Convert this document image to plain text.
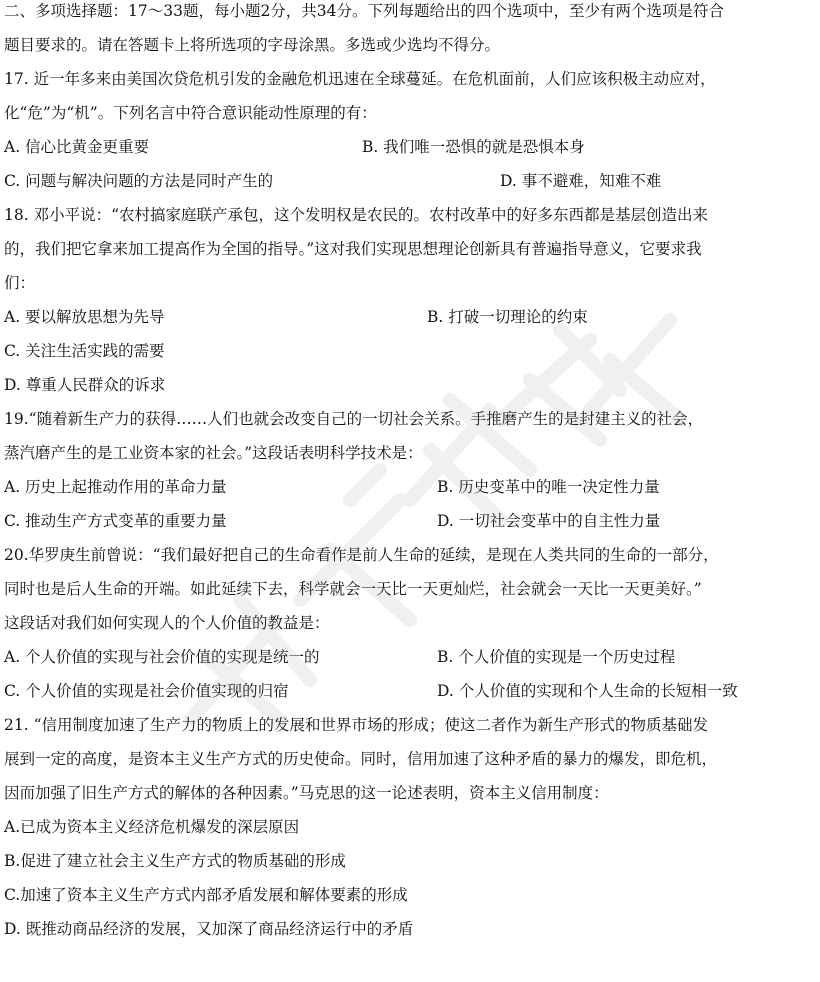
二、多项选择题：17～33题，每小题2分，共34分。下列每题给出的四个选项中，至少有两个选项是符合
题目要求的。请在答题卡上将所选项的字母涂黑。多选或少选均不得分。
17. 近一年多来由美国次贷危机引发的金融危机迅速在全球蔓延。在危机面前，人们应该积极主动应对，
化“危”为“机”。下列名言中符合意识能动性原理的有：
A. 信心比黄金更重要	B. 我们唯一恐惧的就是恐惧本身
C. 问题与解决问题的方法是同时产生的	D. 事不避难，知难不难
18. 邓小平说：“农村搞家庭联产承包，这个发明权是农民的。农村改革中的好多东西都是基层创造出来
的，我们把它拿来加工提高作为全国的指导。”这对我们实现思想理论创新具有普遍指导意义，它要求我
们：
A. 要以解放思想为先导	B. 打破一切理论的约束
C. 关注生活实践的需要
D. 尊重人民群众的诉求
19.“随着新生产力的获得……人们也就会改变自己的一切社会关系。手推磨产生的是封建主义的社会，
蒸汽磨产生的是工业资本家的社会。”这段话表明科学技术是：
A. 历史上起推动作用的革命力量	B. 历史变革中的唯一决定性力量
C. 推动生产方式变革的重要力量	D. 一切社会变革中的自主性力量
20.华罗庚生前曾说：“我们最好把自己的生命看作是前人生命的延续，是现在人类共同的生命的一部分，
同时也是后人生命的开端。如此延续下去，科学就会一天比一天更灿烂，社会就会一天比一天更美好。”
这段话对我们如何实现人的个人价值的教益是：
A. 个人价值的实现与社会价值的实现是统一的	B. 个人价值的实现是一个历史过程
C. 个人价值的实现是社会价值实现的归宿	D. 个人价值的实现和个人生命的长短相一致
21. “信用制度加速了生产力的物质上的发展和世界市场的形成；使这二者作为新生产形式的物质基础发
展到一定的高度，是资本主义生产方式的历史使命。同时，信用加速了这种矛盾的暴力的爆发，即危机，
因而加强了旧生产方式的解体的各种因素。”马克思的这一论述表明，资本主义信用制度：
A.已成为资本主义经济危机爆发的深层原因
B.促进了建立社会主义生产方式的物质基础的形成
C.加速了资本主义生产方式内部矛盾发展和解体要素的形成
D. 既推动商品经济的发展，又加深了商品经济运行中的矛盾
